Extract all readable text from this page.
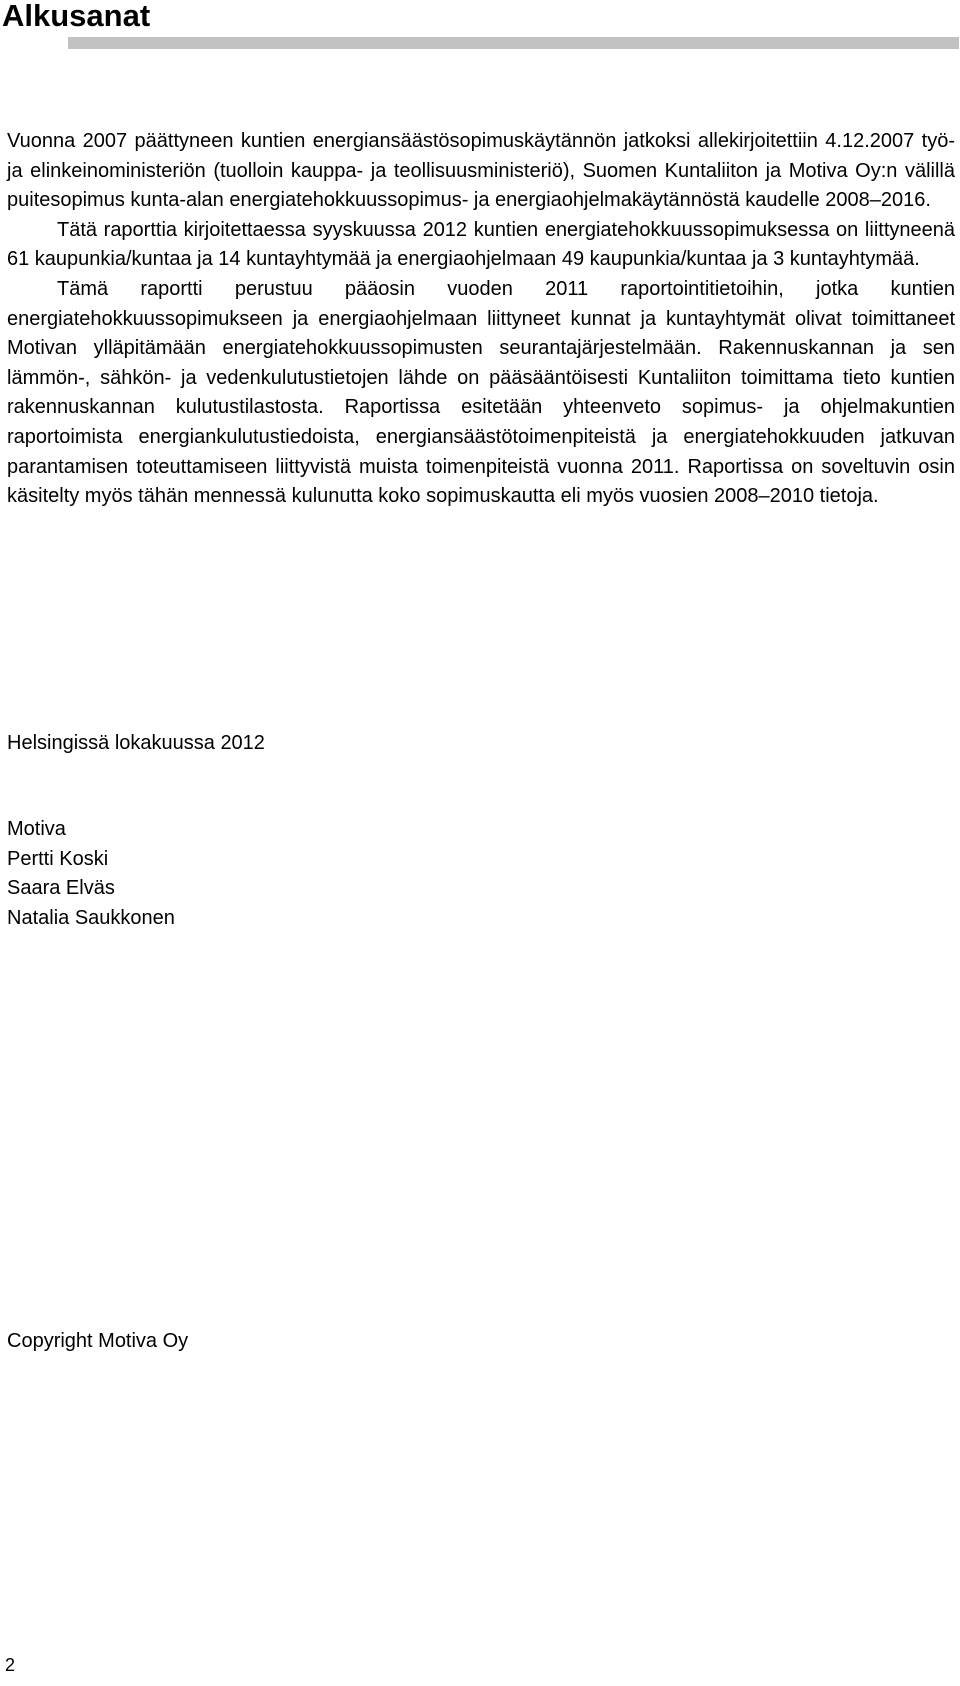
Alkusanat

Vuonna 2007 päättyneen kuntien energiansäästösopimuskäytännön jatkoksi allekirjoitettiin 4.12.2007 työ- ja elinkeinoministeriön (tuolloin kauppa- ja teollisuusministeriö), Suomen Kuntaliiton ja Motiva Oy:n välillä puitesopimus kunta-alan energiatehokkuussopimus- ja energiaohjelmakäytännöstä kaudelle 2008–2016.

Tätä raporttia kirjoitettaessa syyskuussa 2012 kuntien energiatehokkuussopimuksessa on liittyneenä 61 kaupunkia/kuntaa ja 14 kuntayhtymää ja energiaohjelmaan 49 kaupunkia/kuntaa ja 3 kuntayhtymää.

Tämä raportti perustuu pääosin vuoden 2011 raportointitietoihin, jotka kuntien energiatehokkuussopimukseen ja energiaohjelmaan liittyneet kunnat ja kuntayhtymät olivat toimittaneet Motivan ylläpitämään energiatehokkuussopimusten seurantajärjestelmään. Rakennuskannan ja sen lämmön-, sähkön- ja vedenkulutustietojen lähde on pääsääntöisesti Kuntaliiton toimittama tieto kuntien rakennuskannan kulutustilastosta. Raportissa esitetään yhteenveto sopimus- ja ohjelmakuntien raportoimista energiankulutustiedoista, energiansäästötoimenpiteistä ja energiatehokkuuden jatkuvan parantamisen toteuttamiseen liittyvistä muista toimenpiteistä vuonna 2011. Raportissa on soveltuvin osin käsitelty myös tähän mennessä kulunutta koko sopimuskautta eli myös vuosien 2008–2010 tietoja.

Helsingissä lokakuussa 2012

Motiva
Pertti Koski
Saara Elväs
Natalia Saukkonen

Copyright Motiva Oy

2
